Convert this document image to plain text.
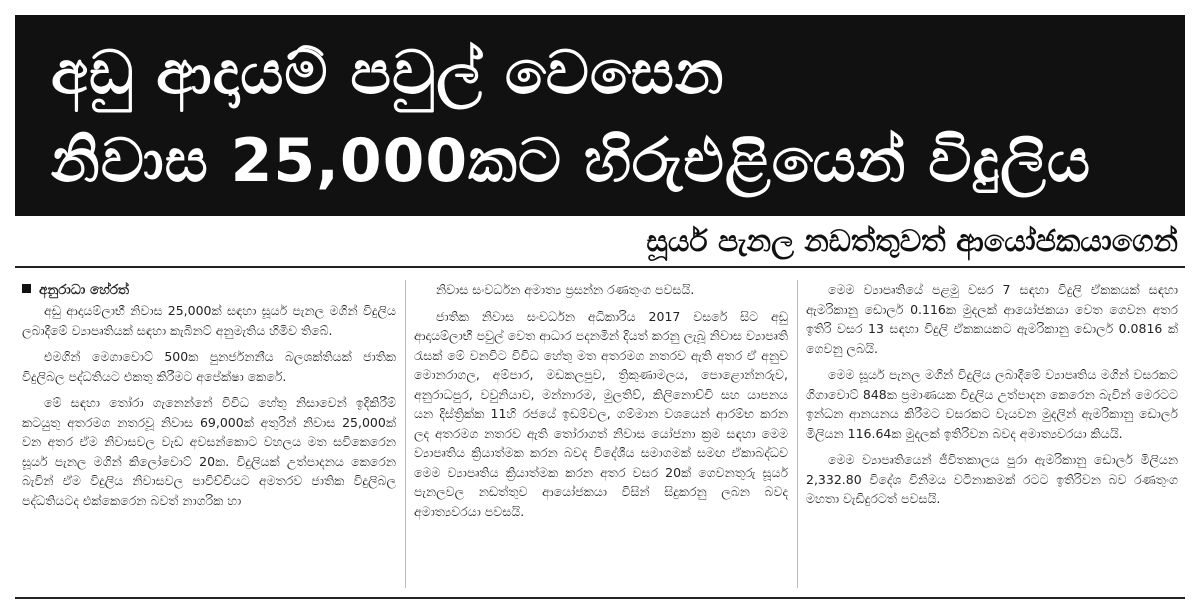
අඩු ආදායම් පවුල් වෙසෙන
නිවාස 25,000කට හිරුඑළියෙන් විදුලිය
සූර්ය පැනල නඩත්තුවත් ආයෝජකයාගෙන්
අනුරාධා හේරත්

අඩු ආදායම්ලාභී නිවාස 25,000ක් සඳහා සූර්ය පැනල මගින් විදුලිය ලබාදීමේ ව්‍යාපෘතියක් සඳහා කැබිනට් අනුමැතිය හිමිව තිබේ.

එමගින් මෙගාවොට් 500ක පුනර්ජනනීය බලශක්තියක් ජාතික විදුලිබල පද්ධතියට එකතු කිරීමට අපේක්ෂා කෙරේ.

මේ සඳහා තෝරා ගැනෙන්නේ විවිධ හේතු නිසාවෙන් ඉදිකිරීම් කටයුතු අතරමග නතරවූ නිවාස 69,000ක් අතුරින් නිවාස 25,000ක් වන අතර ඒම නිවාසවල වැඩ අවසන්කොට වහලය මත සවිකෙරෙන සූර්ය පැනල මගින් කිලෝවොට් 20ක. විදුලියක් උත්පාදනය කෙරෙන බැවින් ඒම විදුලිය නිවාසවල පාවිච්චියට අමතරව ජාතික විදුලිබල පද්ධතියටද එක්කෙරෙන බවත් නාගරික හා

නිවාස සංවර්ධන අමාත්‍ය ප්‍රසන්න රණතුංග පවසයි.

ජාතික නිවාස සංවර්ධන අධිකාරිය 2017 වසරේ සිට අඩු ආදායම්ලාභී පවුල් වෙත ආධාර පදනමින් දියත් කරනු ලැබූ නිවාස ව්‍යාපෘති රැසක් මේ වනවිට විවිධ හේතු මත අතරමග නතරව ඇති අතර ඒ අනුව මොනරාගල, අම්පාර, මඩකලපුව, ත්‍රිකුණාමලය, පොළොන්නරුව, අනුරාධපුර, වවුනියාව, මන්නාරම, මුලතිව්, කිලිනොච්චි සහ යාපනය යන දිස්ත්‍රික්ක 11හි රජයේ ඉඩම්වල, ගම්මාන වශයෙන් ආරම්භ කරන ලද අතරමග නතරව ඇති තෝරාගත් නිවාස යෝජනා ක්‍රම සඳහා මෙම ව්‍යාපෘතිය ක්‍රියාත්මක කරන බවද විදේශීය සමාගමක් සමඟ ඒකාබද්ධව මෙම ව්‍යාපෘතිය ක්‍රියාත්මක කරන අතර වසර 20ක් ගෙවනතුරු සූර්ය පැනලවල නඩත්තුව ආයෝජකයා විසින් සිදුකරනු ලබන බවද අමාත්‍යවරයා පවසයි.

මෙම ව්‍යාපෘතියේ පළමු වසර 7 සඳහා විදුලි ඒකකයක් සඳහා ඇමරිකානු ඩොලර් 0.116ක මුදලක් ආයෝජකයා වෙත ගෙවන අතර ඉතිරි වසර 13 සඳහා විදුලි ඒකකයකට ඇමරිකානු ඩොලර් 0.0816 ක් ගෙවනු ලබයි.

මෙම සූර්ය පැනල මගින් විදුලිය ලබාදීමේ ව්‍යාපෘතිය මගින් වසරකට ගිගාවොට් 848ක ප්‍රමාණයක විදුලිය උත්පාදන කෙරෙන බැවින් මෙරටට ඉන්ධන ආනයනය කිරීමට වසරකට වැයවන මුදලින් ඇමරිකානු ඩොලර් මිලියන 116.64ක මුදලක් ඉතිරිවන බවද අමාත්‍යවරයා කියයි.

මෙම ව්‍යාපෘතියෙන් ජීවිතකාලය පුරා ඇමරිකානු ඩොලර් මිලියන 2,332.80 විදේශ විනිමය වටිනාකමක් රටට ඉතිරිවන බව රණතුංග මහතා වැඩිදුරටත් පවසයි.
